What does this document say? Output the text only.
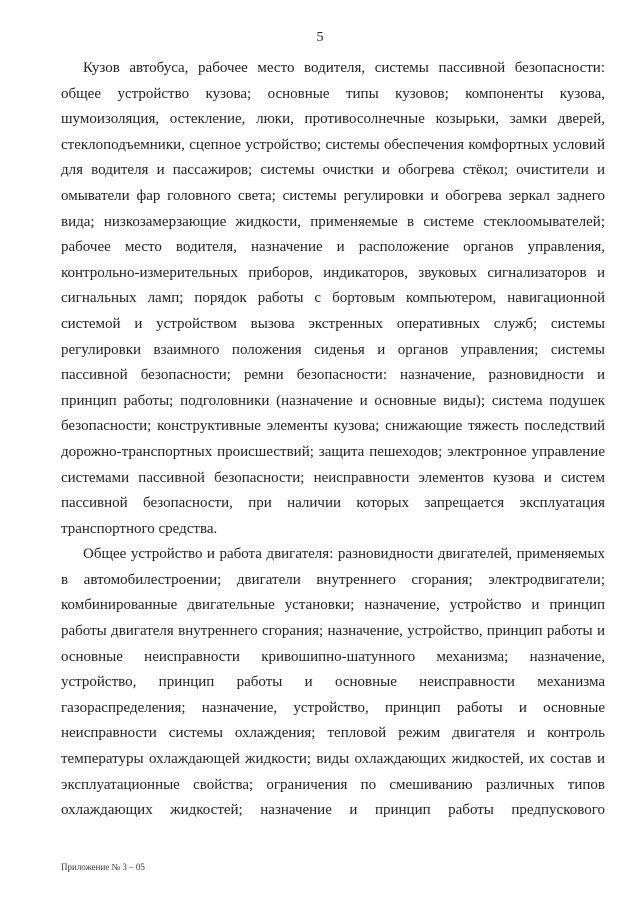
5

Кузов автобуса, рабочее место водителя, системы пассивной безопасности: общее устройство кузова; основные типы кузовов; компоненты кузова, шумоизоляция, остекление, люки, противосолнечные козырьки, замки дверей, стеклоподъемники, сцепное устройство; системы обеспечения комфортных условий для водителя и пассажиров; системы очистки и обогрева стёкол; очистители и омыватели фар головного света; системы регулировки и обогрева зеркал заднего вида; низкозамерзающие жидкости, применяемые в системе стеклоомывателей; рабочее место водителя, назначение и расположение органов управления, контрольно-измерительных приборов, индикаторов, звуковых сигнализаторов и сигнальных ламп; порядок работы с бортовым компьютером, навигационной системой и устройством вызова экстренных оперативных служб; системы регулировки взаимного положения сиденья и органов управления; системы пассивной безопасности; ремни безопасности: назначение, разновидности и принцип работы; подголовники (назначение и основные виды); система подушек безопасности; конструктивные элементы кузова; снижающие тяжесть последствий дорожно-транспортных происшествий; защита пешеходов; электронное управление системами пассивной безопасности; неисправности элементов кузова и систем пассивной безопасности, при наличии которых запрещается эксплуатация транспортного средства.

Общее устройство и работа двигателя: разновидности двигателей, применяемых в автомобилестроении; двигатели внутреннего сгорания; электродвигатели; комбинированные двигательные установки; назначение, устройство и принцип работы двигателя внутреннего сгорания; назначение, устройство, принцип работы и основные неисправности кривошипно-шатунного механизма; назначение, устройство, принцип работы и основные неисправности механизма газораспределения; назначение, устройство, принцип работы и основные неисправности системы охлаждения; тепловой режим двигателя и контроль температуры охлаждающей жидкости; виды охлаждающих жидкостей, их состав и эксплуатационные свойства; ограничения по смешиванию различных типов охлаждающих жидкостей; назначение и принцип работы предпускового

Приложение № 3 – 05
